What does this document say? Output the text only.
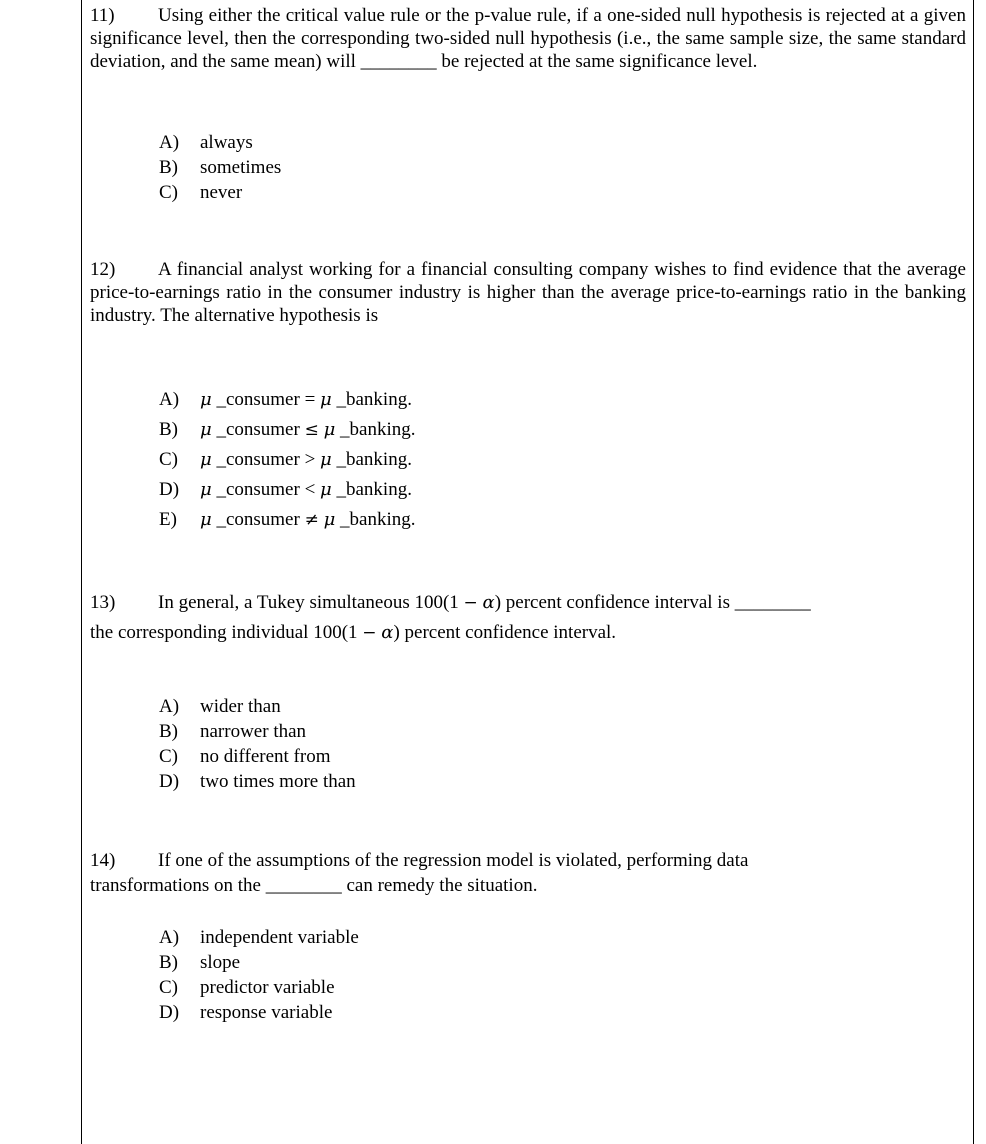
11) Using either the critical value rule or the p-value rule, if a one-sided null hypothesis is rejected at a given significance level, then the corresponding two-sided null hypothesis (i.e., the same sample size, the same standard deviation, and the same mean) will ________ be rejected at the same significance level.

A) always
B) sometimes
C) never

12) A financial analyst working for a financial consulting company wishes to find evidence that the average price-to-earnings ratio in the consumer industry is higher than the average price-to-earnings ratio in the banking industry. The alternative hypothesis is

A) μ _consumer = μ _banking.
B) μ _consumer ≤ μ _banking.
C) μ _consumer > μ _banking.
D) μ _consumer < μ _banking.
E) μ _consumer ≠ μ _banking.

13) In general, a Tukey simultaneous 100(1 − α) percent confidence interval is ________
the corresponding individual 100(1 − α) percent confidence interval.

A) wider than
B) narrower than
C) no different from
D) two times more than

14) If one of the assumptions of the regression model is violated, performing data
transformations on the ________ can remedy the situation.

A) independent variable
B) slope
C) predictor variable
D) response variable
